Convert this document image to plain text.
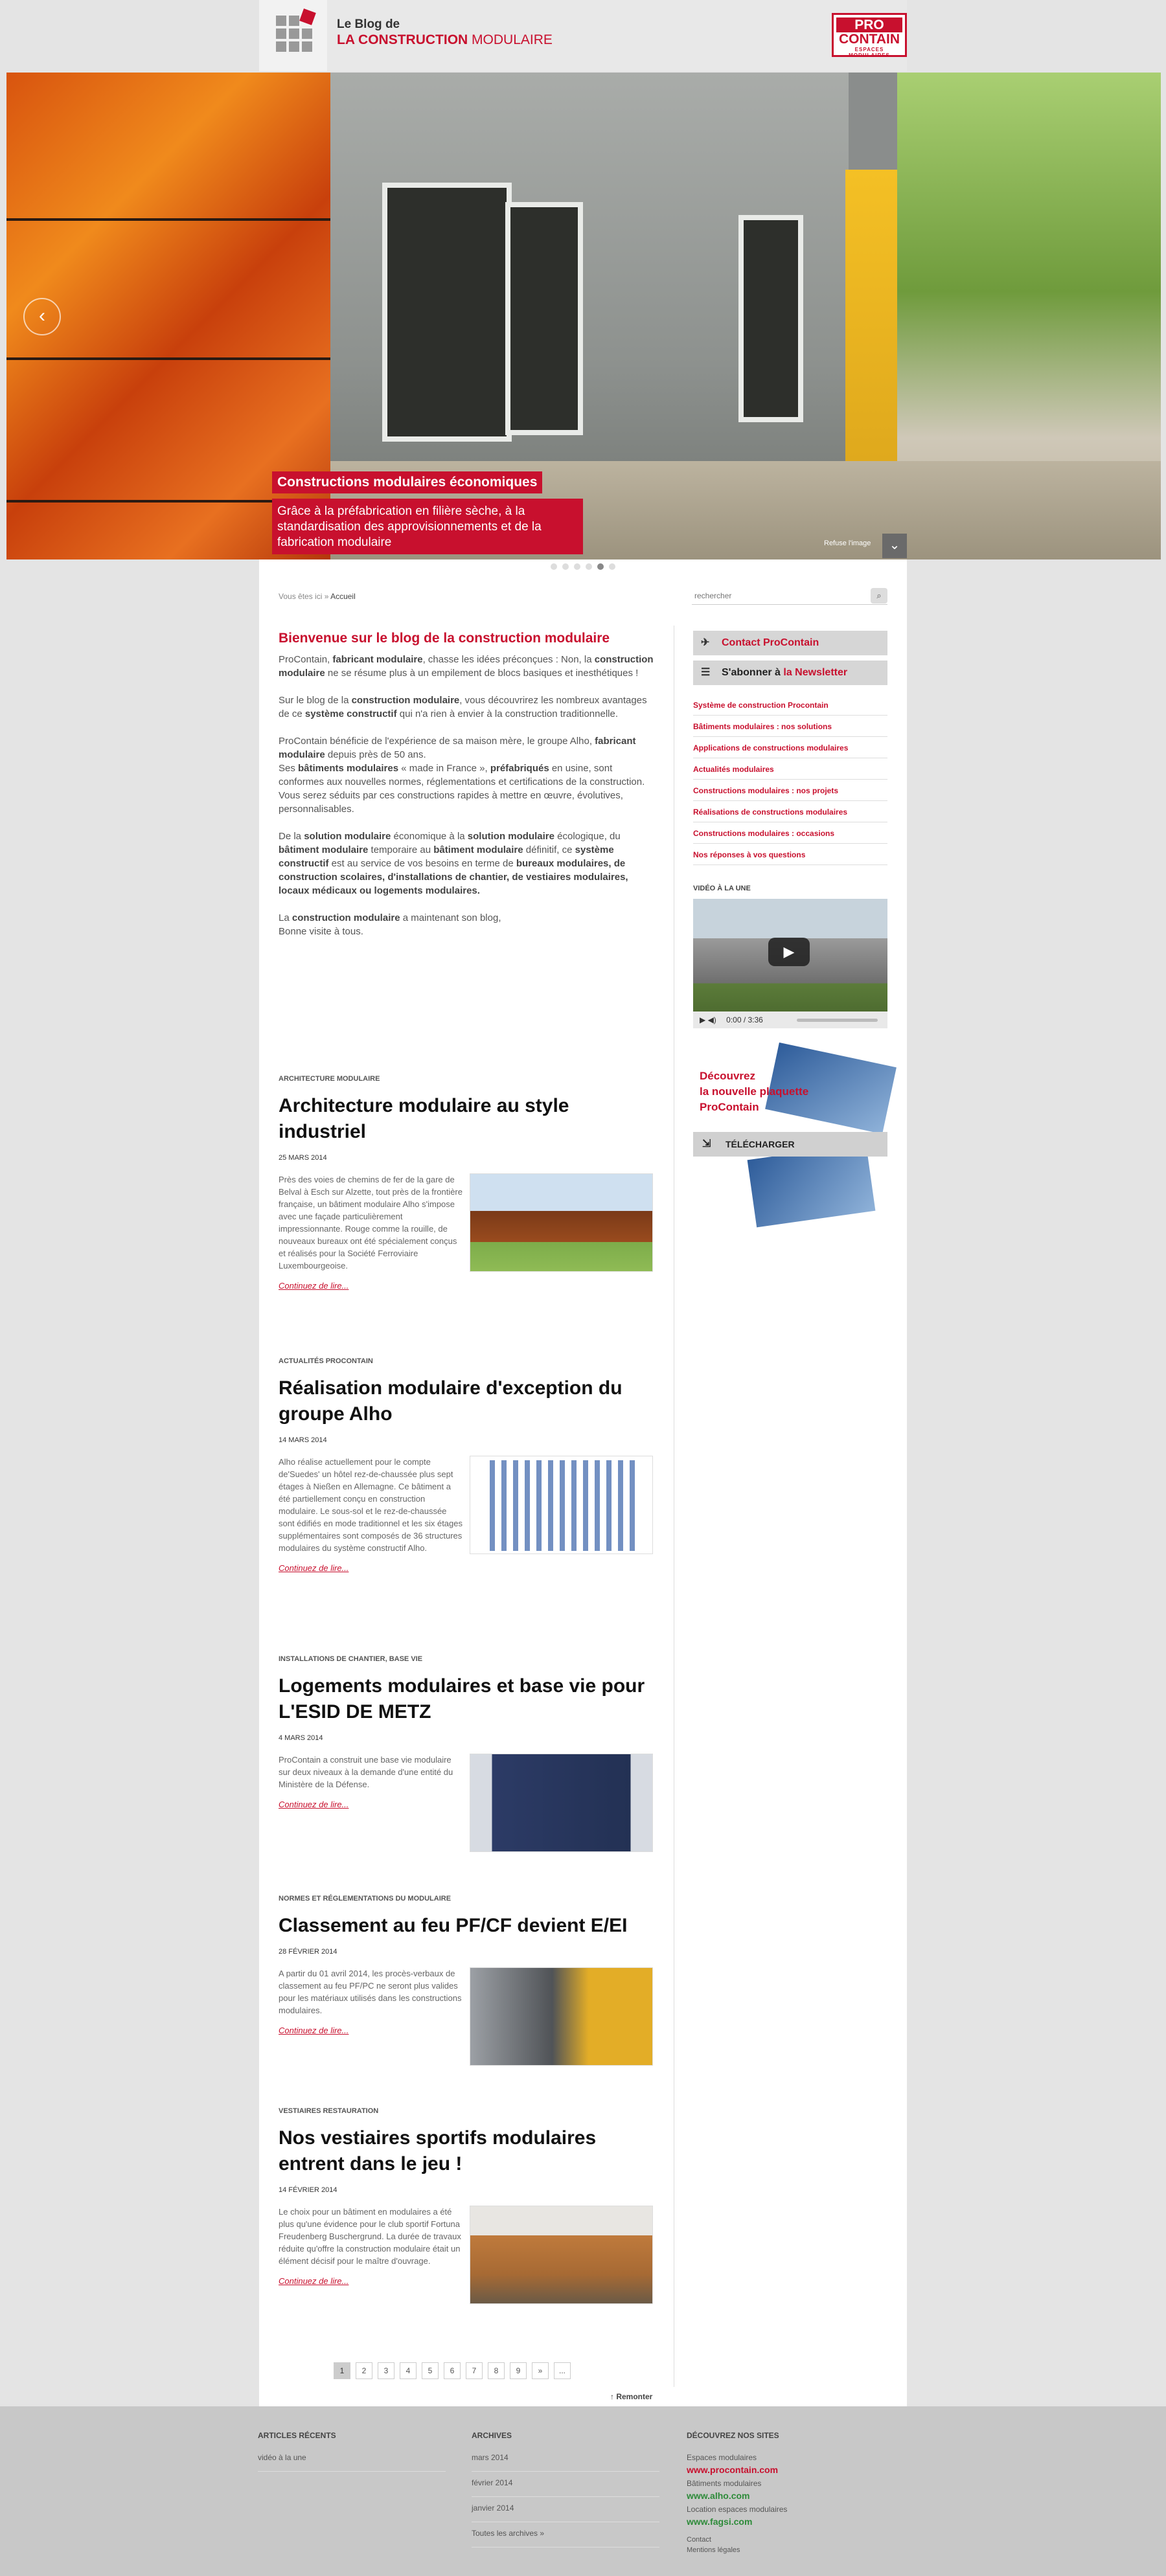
Le Blog de
LA CONSTRUCTION MODULAIRE
PRO
CONTAIN
ESPACES MODULAIRES
‹
Constructions modulaires économiques
Grâce à la préfabrication en filière sèche, à la standardisation des approvisionnements et de la fabrication modulaire	Refuse l'image	⌄
Vous êtes ici » Accueil
rechercher	⌕
Bienvenue sur le blog de la construction modulaire

ProContain, fabricant modulaire, chasse les idées préconçues : Non, la construction modulaire ne se résume plus à un empilement de blocs basiques et inesthétiques !

Sur le blog de la construction modulaire, vous découvrirez les nombreux avantages de ce système constructif qui n'a rien à envier à la construction traditionnelle.

ProContain bénéficie de l'expérience de sa maison mère, le groupe Alho, fabricant modulaire depuis près de 50 ans.
Ses bâtiments modulaires « made in France », préfabriqués en usine, sont conformes aux nouvelles normes, réglementations et certifications de la construction.
Vous serez séduits par ces constructions rapides à mettre en œuvre, évolutives, personnalisables.

De la solution modulaire économique à la solution modulaire écologique, du bâtiment modulaire temporaire au bâtiment modulaire définitif, ce système constructif est au service de vos besoins en terme de bureaux modulaires, de construction scolaires, d'installations de chantier, de vestiaires modulaires, locaux médicaux ou logements modulaires.

La construction modulaire a maintenant son blog,
Bonne visite à tous.

ARCHITECTURE MODULAIRE
Architecture modulaire au style industriel
25 MARS 2014
Près des voies de chemins de fer de la gare de Belval à Esch sur Alzette, tout près de la frontière française, un bâtiment modulaire Alho s'impose avec une façade particulièrement impressionnante. Rouge comme la rouille, de nouveaux bureaux ont été spécialement conçus et réalisés pour la Société Ferroviaire Luxembourgeoise.
Continuez de lire...
ACTUALITÉS PROCONTAIN
Réalisation modulaire d'exception du groupe Alho
14 MARS 2014
Alho réalise actuellement pour le compte de'Suedes' un hôtel rez-de-chaussée plus sept étages à Nießen en Allemagne. Ce bâtiment a été partiellement conçu en construction modulaire. Le sous-sol et le rez-de-chaussée sont édifiés en mode traditionnel et les six étages supplémentaires sont composés de 36 structures modulaires du système constructif Alho.
Continuez de lire...
INSTALLATIONS DE CHANTIER, BASE VIE
Logements modulaires et base vie pour L'ESID DE METZ
4 MARS 2014
ProContain a construit une base vie modulaire sur deux niveaux à la demande d'une entité du Ministère de la Défense.
Continuez de lire...
NORMES ET RÉGLEMENTATIONS DU MODULAIRE
Classement au feu PF/CF devient E/EI
28 FÉVRIER 2014
A partir du 01 avril 2014, les procès-verbaux de classement au feu PF/PC ne seront plus valides pour les matériaux utilisés dans les constructions modulaires.
Continuez de lire...
VESTIAIRES RESTAURATION
Nos vestiaires sportifs modulaires entrent dans le jeu !
14 FÉVRIER 2014
Le choix pour un bâtiment en modulaires a été plus qu'une évidence pour le club sportif Fortuna Freudenberg Buschergrund. La durée de travaux réduite qu'offre la construction modulaire était un élément décisif pour le maître d'ouvrage.
Continuez de lire...
1 2 3 4 5 6 7 8 9 » ...
↑ Remonter
✈ Contact ProContain
☰ S'abonner à la Newsletter
Système de construction Procontain
Bâtiments modulaires : nos solutions
Applications de constructions modulaires
Actualités modulaires
Constructions modulaires : nos projets
Réalisations de constructions modulaires
Constructions modulaires : occasions
Nos réponses à vos questions
VIDÉO À LA UNE
▶
▶ ◀) 0:00 / 3:36
Découvrez
la nouvelle plaquette
ProContain
⇲ TÉLÉCHARGER
ARTICLES RÉCENTS
vidéo à la une
ARCHIVES
mars 2014
février 2014
janvier 2014
Toutes les archives »
DÉCOUVREZ NOS SITES
Espaces modulaires
www.procontain.com
Bâtiments modulaires
www.alho.com
Location espaces modulaires
www.fagsi.com
Contact
Mentions légales
